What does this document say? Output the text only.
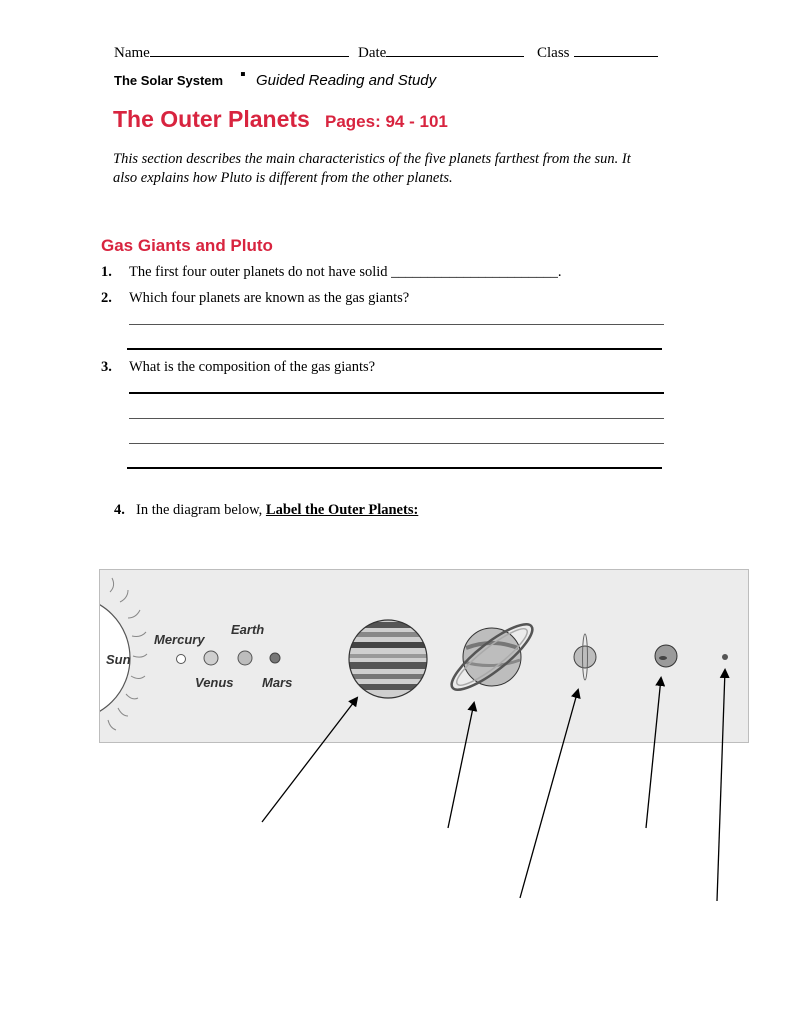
Name	Date	Class
The Solar System ▪ Guided Reading and Study
The Outer Planets Pages: 94 - 101
This section describes the main characteristics of the five planets farthest from the sun. It also explains how Pluto is different from the other planets.
Gas Giants and Pluto
1. The first four outer planets do not have solid _______________________.
2. Which four planets are known as the gas giants?
3. What is the composition of the gas giants?
4. In the diagram below, Label the Outer Planets:
Sun
Mercury
Venus
Earth
Mars
